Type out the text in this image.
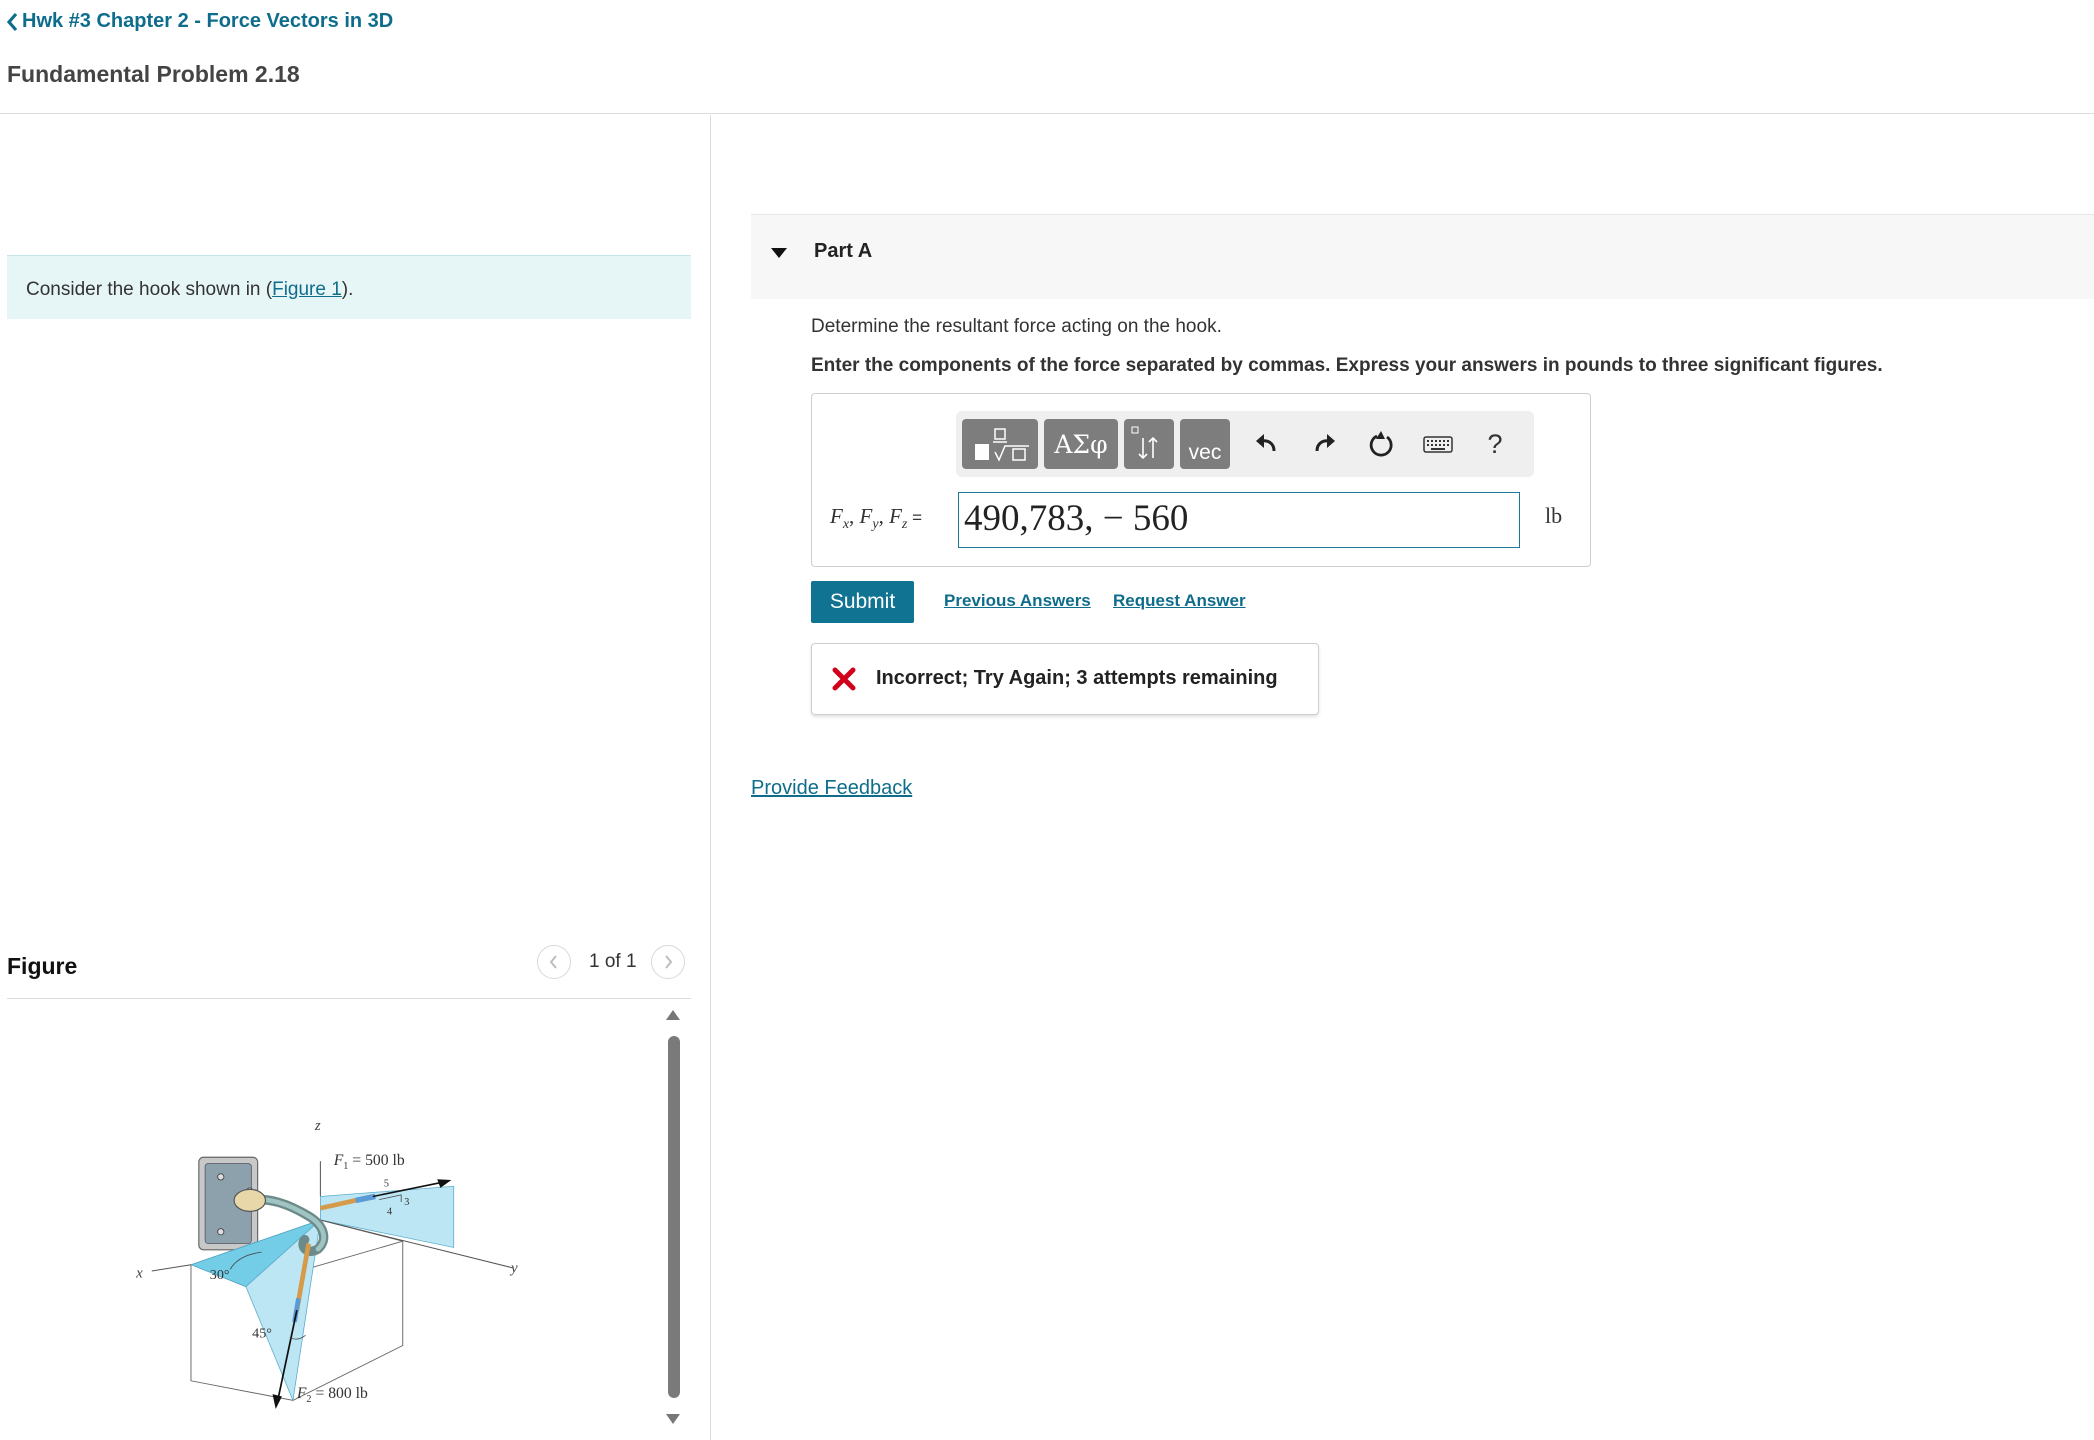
Hwk #3 Chapter 2 - Force Vectors in 3D
Fundamental Problem 2.18

Consider the hook shown in (Figure 1).

Figure	1 of 1
z
x	y
5
4
3
$F_1 = 500$ lb
30°
45°
$F_2 = 800$ lb
Part A
Determine the resultant force acting on the hook.
Enter the components of the force separated by commas. Express your answers in pounds to three significant figures.
ΑΣφ	vec	?
$F_x$, $F_y$, $F_z = 490,783$, − 560	lb
Submit	Previous Answers Request Answer
Incorrect; Try Again; 3 attempts remaining
Provide Feedback
